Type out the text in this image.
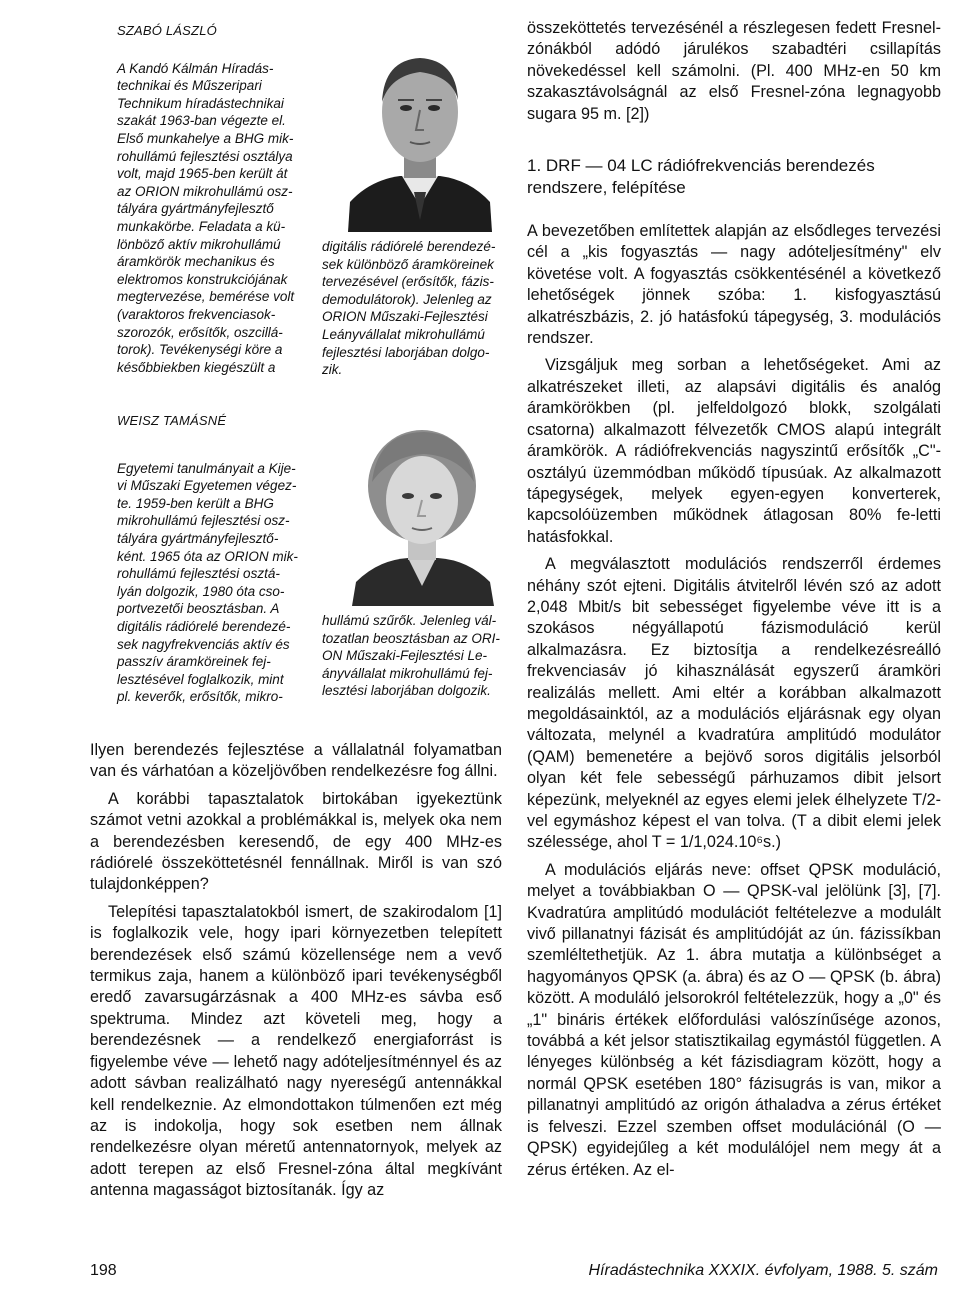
SZABÓ LÁSZLÓ

A Kandó Kálmán Híradás-
technikai és Műszeripari
Technikum híradástechnikai
szakát 1963-ban végezte el.
Első munkahelye a BHG mik-
rohullámú fejlesztési osztálya
volt, majd 1965-ben került át
az ORION mikrohullámú osz-
tályára gyártmányfejlesztő
munkakörbe. Feladata a kü-
lönböző aktív mikrohullámú
áramkörök mechanikus és
elektromos konstrukciójának
megtervezése, bemérése volt
(varaktoros frekvenciasok-
szorozók, erősítők, oszcillá-
torok). Tevékenységi köre a
későbbiekben kiegészült a

digitális rádiórelé berendezé-
sek különböző áramköreinek
tervezésével (erősítők, fázis-
demodulátorok). Jelenleg az
ORION Műszaki-Fejlesztési
Leányvállalat mikrohullámú
fejlesztési laborjában dolgo-
zik.

WEISZ TAMÁSNÉ

Egyetemi tanulmányait a Kije-
vi Műszaki Egyetemen végez-
te. 1959-ben került a BHG
mikrohullámú fejlesztési osz-
tályára gyártmányfejlesztő-
ként. 1965 óta az ORION mik-
rohullámú fejlesztési osztá-
lyán dolgozik, 1980 óta cso-
portvezetői beosztásban. A
digitális rádiórelé berendezé-
sek nagyfrekvenciás aktív és
passzív áramköreinek fej-
lesztésével foglalkozik, mint
pl. keverők, erősítők, mikro-

hullámú szűrők. Jelenleg vál-
tozatlan beosztásban az ORI-
ON Műszaki-Fejlesztési Le-
ányvállalat mikrohullámú fej-
lesztési laborjában dolgozik.

Ilyen berendezés fejlesztése a vállalatnál folyamatban van és várhatóan a közeljövőben rendelkezésre fog állni.

A korábbi tapasztalatok birtokában igyekeztünk számot vetni azokkal a problémákkal is, melyek oka nem a berendezésben keresendő, de egy 400 MHz-es rádiórelé összeköttetésnél fennállnak. Miről is van szó tulajdonképpen?

Telepítési tapasztalatokból ismert, de szakirodalom [1] is foglalkozik vele, hogy ipari környezetben telepített berendezések első számú közellensége nem a vevő termikus zaja, hanem a különböző ipari tevékenységből eredő zavarsugárzásnak a 400 MHz-es sávba eső spektruma. Mindez azt követeli meg, hogy a berendezésnek — a rendelkező energiaforrást is figyelembe véve — lehető nagy adóteljesítménnyel és az adott sávban realizálható nagy nyereségű antennákkal kell rendelkeznie. Az elmondottakon túlmenően ezt még az is indokolja, hogy sok esetben nem állnak rendelkezésre olyan méretű antennatornyok, melyek az adott terepen az első Fresnel-zóna által megkívánt antenna magasságot biztosítanák. Így az

összeköttetés tervezésénél a részlegesen fedett Fresnel-zónákból adódó járulékos szabadtéri csillapítás növekedéssel kell számolni. (Pl. 400 MHz-en 50 km szakasztávolságnál az első Fresnel-zóna legnagyobb sugara 95 m. [2])

1. DRF — 04 LC rádiófrekvenciás berendezés
rendszere, felépítése

A bevezetőben említettek alapján az elsődleges tervezési cél a „kis fogyasztás — nagy adóteljesítmény" elv követése volt. A fogyasztás csökkentésénél a következő lehetőségek jönnek szóba: 1. kisfogyasztású alkatrészbázis, 2. jó hatásfokú tápegység, 3. modulációs rendszer.

Vizsgáljuk meg sorban a lehetőségeket. Ami az alkatrészeket illeti, az alapsávi digitális és analóg áramkörökben (pl. jelfeldolgozó blokk, szolgálati csatorna) alkalmazott félvezetők CMOS alapú integrált áramkörök. A rádiófrekvenciás nagyszintű erősítők „C"-osztályú üzemmódban működő típusúak. Az alkalmazott tápegységek, melyek egyen-egyen konverterek, kapcsolóüzemben működnek átlagosan 80% fe-letti hatásfokkal.

A megválasztott modulációs rendszerről érdemes néhány szót ejteni. Digitális átvitelről lévén szó az adott 2,048 Mbit/s bit sebességet figyelembe véve itt is a szokásos négyállapotú fázismoduláció kerül alkalmazásra. Ez biztosítja a rendelkezésreálló frekvenciasáv jó kihasználását egyszerű áramköri realizálás mellett. Ami eltér a korábban alkalmazott megoldásainktól, az a modulációs eljárásnak egy olyan változata, melynél a kvadratúra amplitúdó modulátor (QAM) bemenetére a bejövő soros digitális jelsorból olyan két fele sebességű párhuzamos dibit jelsort képezünk, melyeknél az egyes elemi jelek élhelyzete T/2-vel egymáshoz képest el van tolva. (T a dibit elemi jelek szélessége, ahol T = 1/1,024.10⁶s.)

A modulációs eljárás neve: offset QPSK moduláció, melyet a továbbiakban O — QPSK-val jelölünk [3], [7]. Kvadratúra amplitúdó modulációt feltételezve a modulált vivő pillanatnyi fázisát és amplitúdóját az ún. fázissíkban szemléltethetjük. Az 1. ábra mutatja a különbséget a hagyományos QPSK (a. ábra) és az O — QPSK (b. ábra) között. A moduláló jelsorokról feltételezzük, hogy a „0" és „1" bináris értékek előfordulási valószínűsége azonos, továbbá a két jelsor statisztikailag egymástól független. A lényeges különbség a két fázisdiagram között, hogy a normál QPSK esetében 180° fázisugrás is van, mikor a pillanatnyi amplitúdó az origón áthaladva a zérus értéket is felveszi. Ezzel szemben offset modulációnál (O — QPSK) egyidejűleg a két modulálójel nem megy át a zérus értéken. Az el-

198	Híradástechnika XXXIX. évfolyam, 1988. 5. szám
